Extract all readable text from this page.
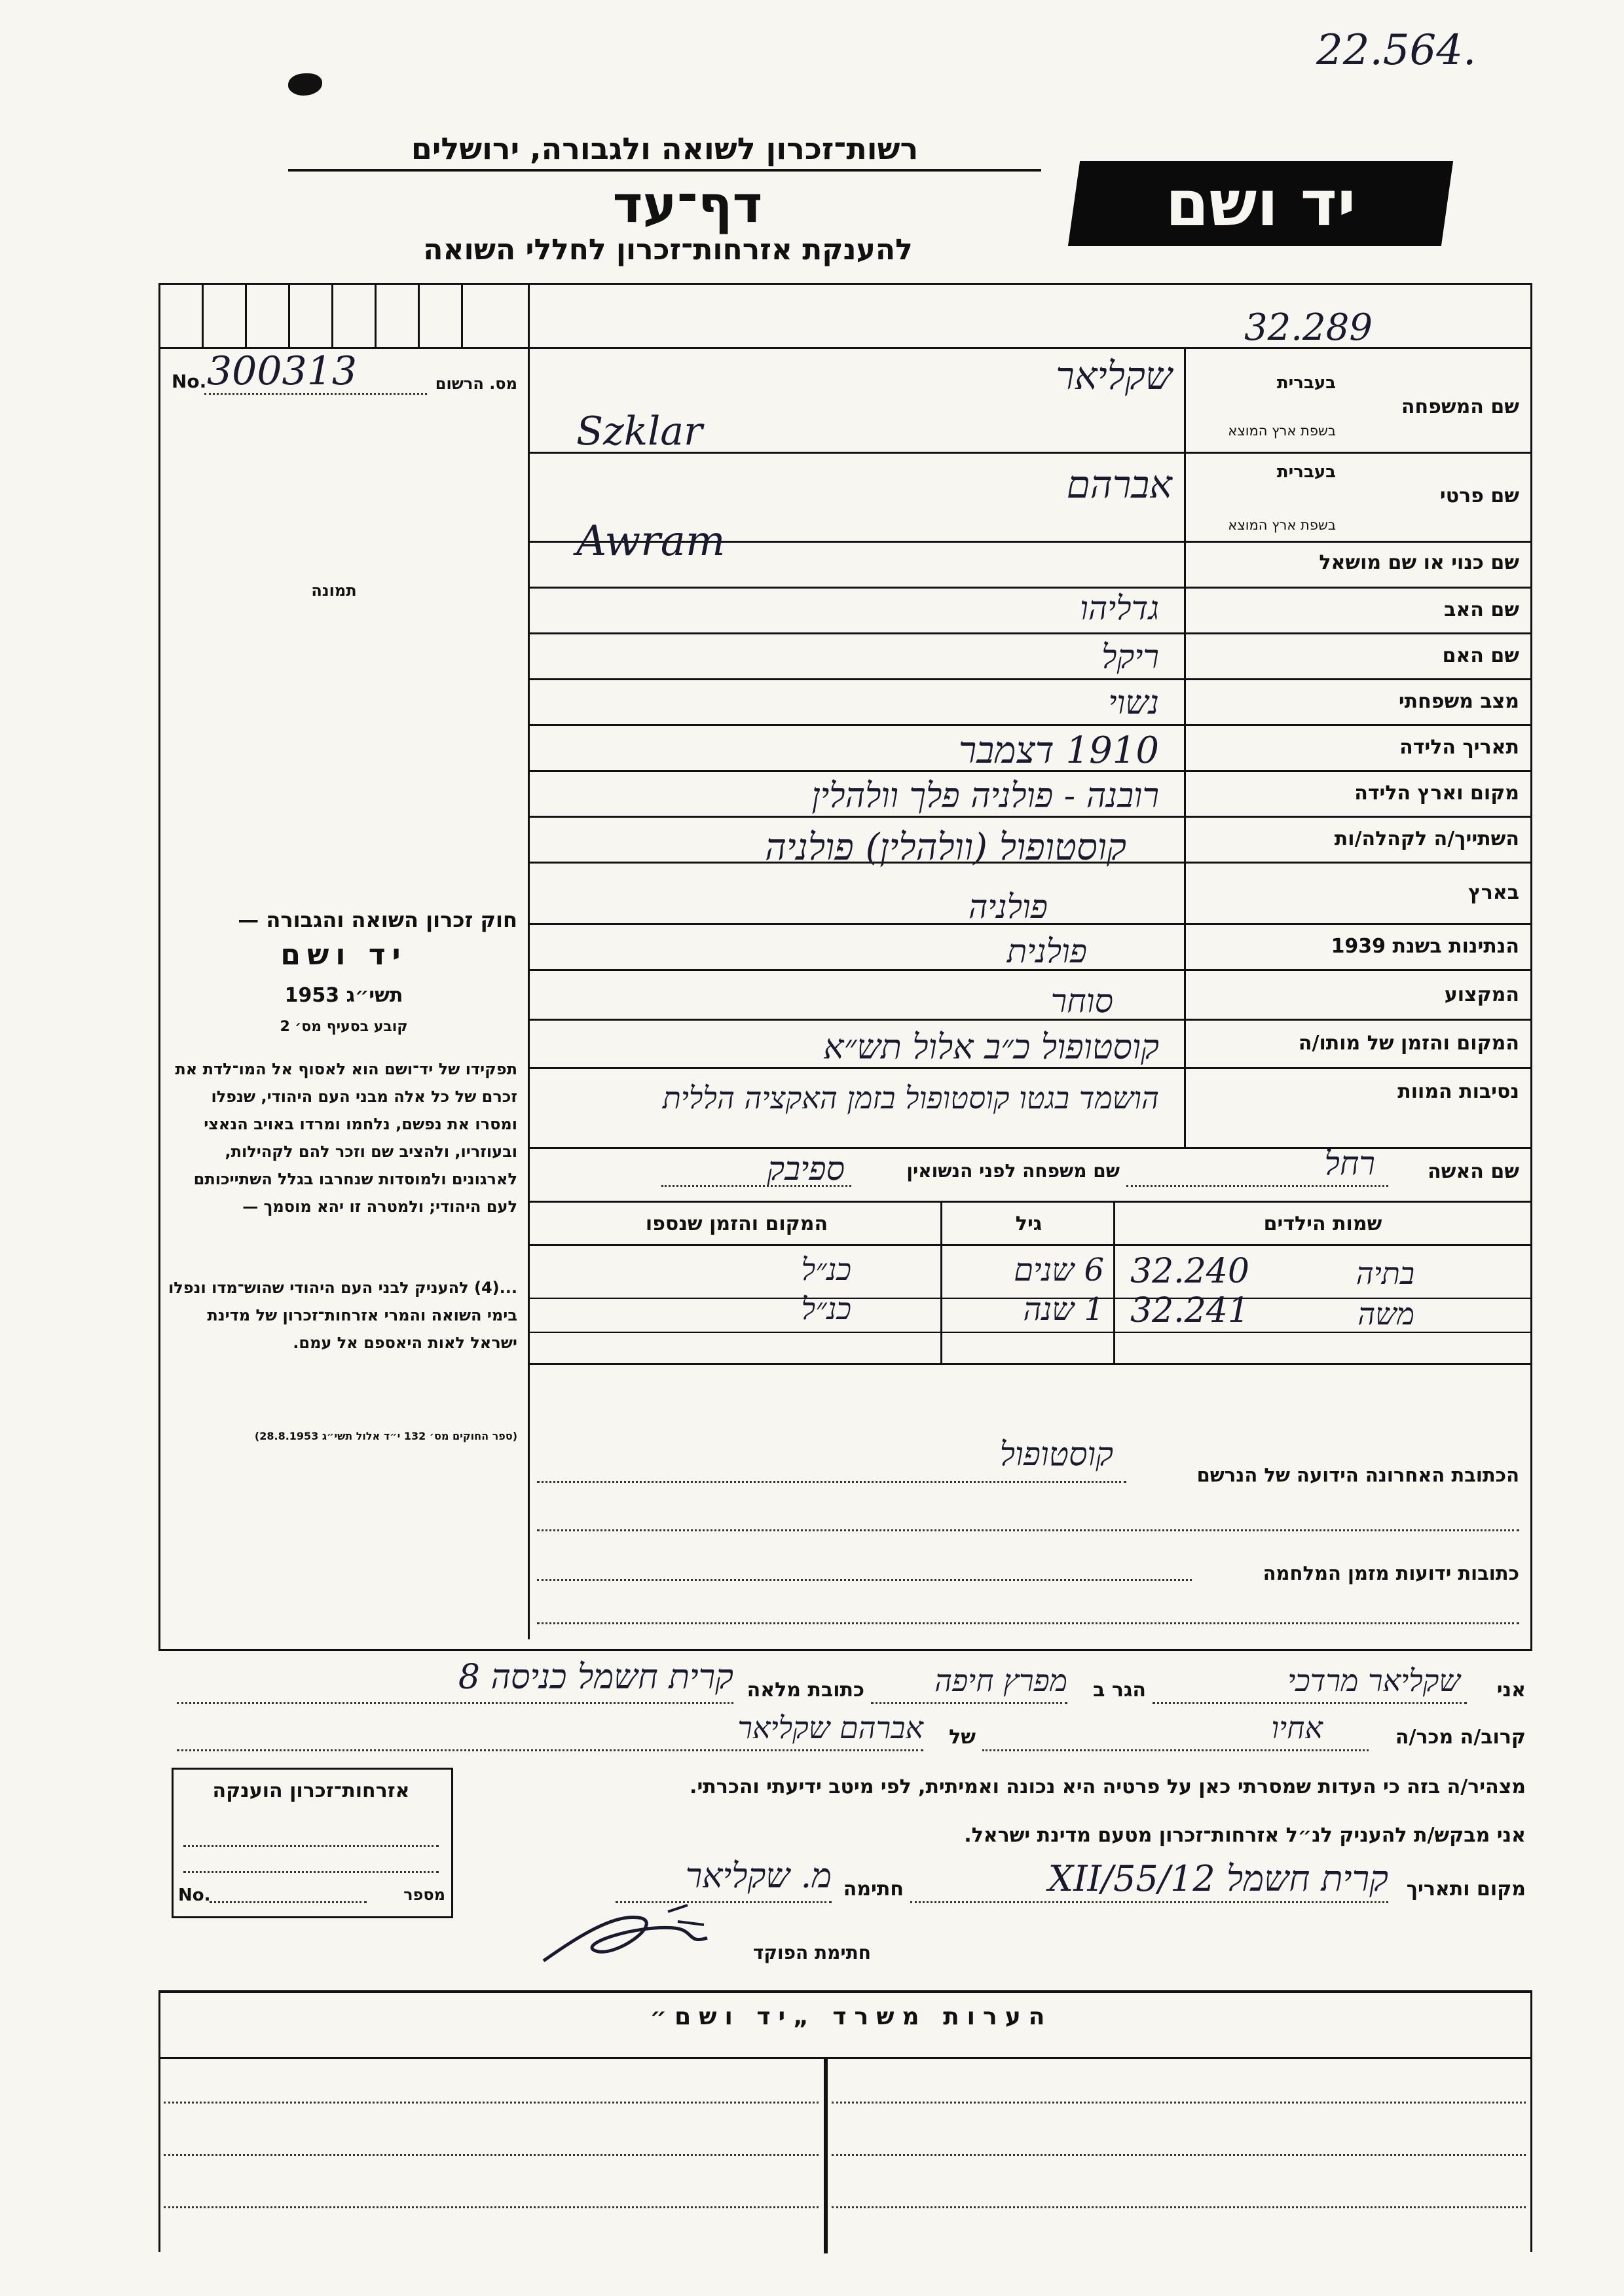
22.564.
רשות־זכרון לשואה ולגבורה, ירושלים
דף־עד
להענקת אזרחות־זכרון לחללי השואה
יד ושם
32.289
No. 300313	מס. הרשום
תמונה
שם המשפחה
בעברית
בשפת ארץ המוצא
שם פרטי
בעברית
בשפת ארץ המוצא
שם כנוי או שם מושאל
שם האב
שם האם
מצב משפחתי
תאריך הלידה
מקום וארץ הלידה
השתייך/ה לקהלה/ות
בארץ
הנתינות בשנת 1939
המקצוע
המקום והזמן של מותו/ה
נסיבות המוות
שקליאר
Szklar
אברהם
Awram
גדליהו
ריקל
נשוי
1910 דצמבר
רובנה - פולניה פלך וולהלין
קוסטופול (וולהלין) פולניה
פולניה
פולנית
סוחר
קוסטופול כ״ב אלול תש״א
הושמד בגטו קוסטופול בזמן האקציה הללית
חוק זכרון השואה והגבורה —
יד ושם
תשי״ג 1953
קובע בסעיף מס׳ 2
תפקידו של יד־ושם הוא לאסוף אל המו־לדת את זכרם של כל אלה מבני העם היהודי, שנפלו ומסרו את נפשם, נלחמו ומרדו באויב הנאצי ובעוזריו, ולהציב שם וזכר להם לקהילות, לארגונים ולמוסדות שנחרבו בגלל השתייכותם לעם היהודי; ולמטרה זו יהא מוסמך —
...(4) להעניק לבני העם היהודי שהוש־מדו ונפלו בימי השואה והמרי אזרחות־זכרון של מדינת ישראל לאות היאספם אל עמם.
(ספר החוקים מס׳ 132 י״ד אלול תשי״ג 28.8.1953)
שם האשה
רחל
שם משפחה לפני הנשואין
ספיבק
שמות הילדים
גיל
המקום והזמן שנספו
בתיה
32.240
6 שנים
כנ״ל
משה
32.241
1 שנה
כנ״ל
קוסטופול
הכתובת האחרונה הידועה של הנרשם
כתובות ידועות מזמן המלחמה
אני
שקליאר מרדכי
הגר ב
מפרץ חיפה
כתובת מלאה
קרית חשמל כניסה 8
קרוב/ה מכר/ה
אחיו
של
אברהם שקליאר
מצהיר/ה בזה כי העדות שמסרתי כאן על פרטיה היא נכונה ואמיתית, לפי מיטב ידיעתי והכרתי.
אני מבקש/ת להעניק לנ״ל אזרחות־זכרון מטעם מדינת ישראל.
מקום ותאריך
קרית חשמל 12/XII/55
חתימה
מ. שקליאר
חתימת הפוקד
אזרחות־זכרון הוענקה
No.	מספר
הערות משרד „יד ושם״
